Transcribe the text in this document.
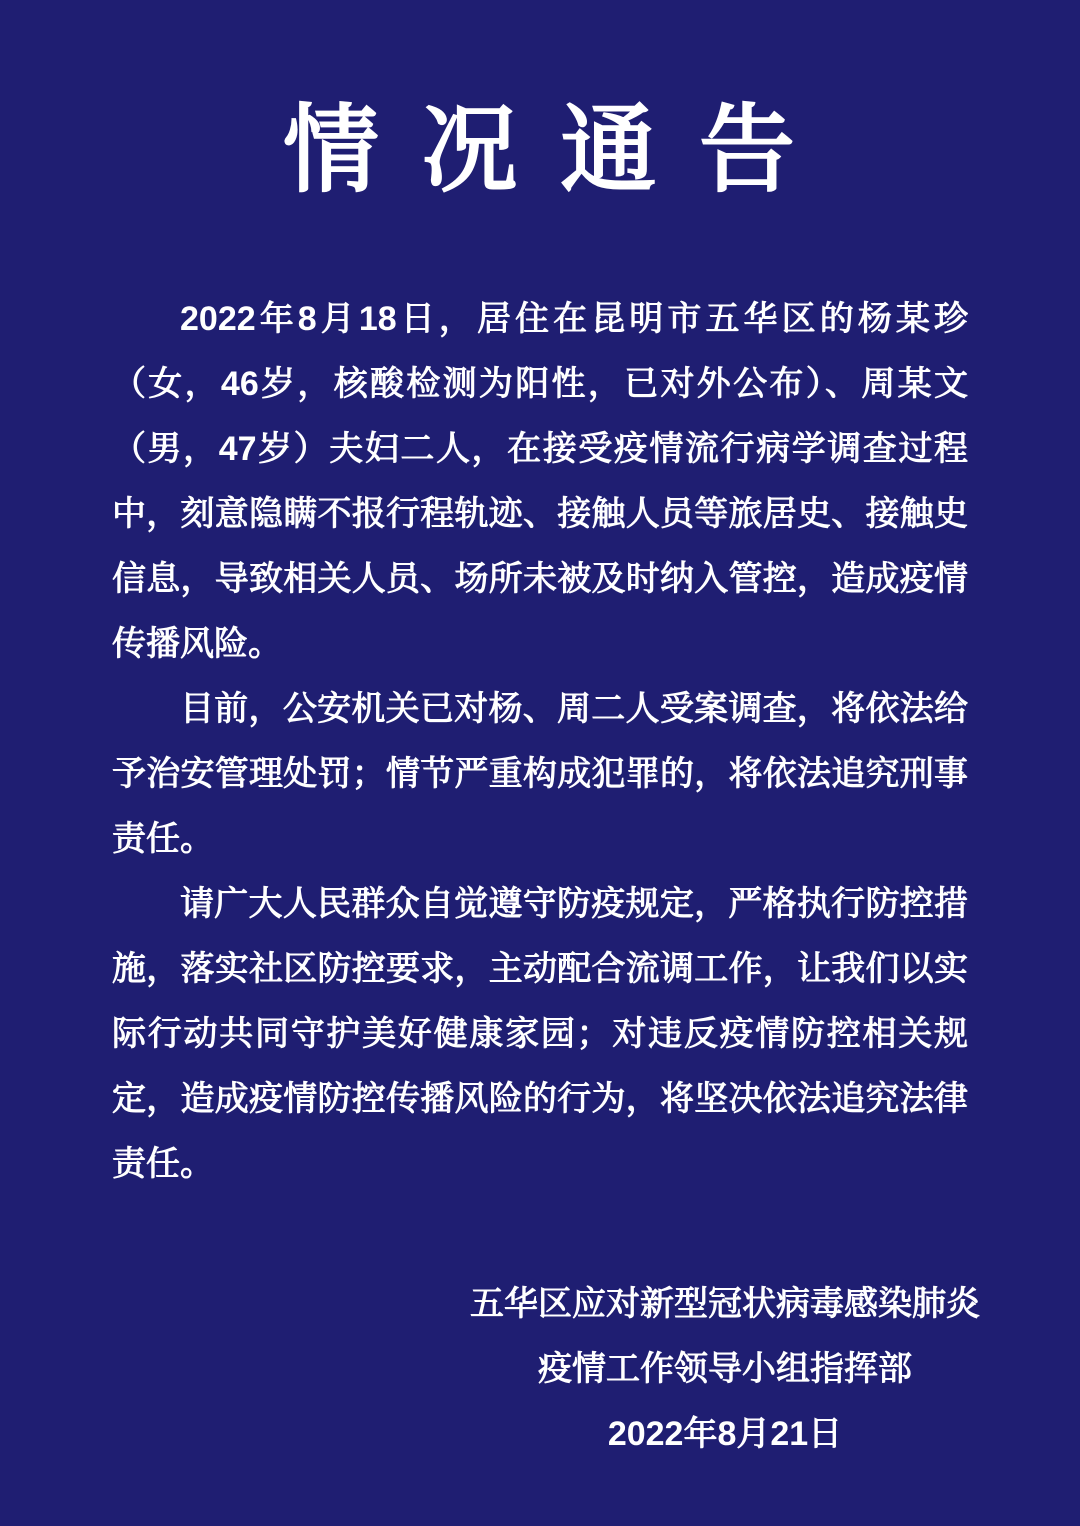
情 况 通 告
2022年8月18日，居住在昆明市五华区的杨某珍
（女，46岁，核酸检测为阳性，已对外公布）、周某文
（男，47岁）夫妇二人，在接受疫情流行病学调查过程
中，刻意隐瞒不报行程轨迹、接触人员等旅居史、接触史
信息，导致相关人员、场所未被及时纳入管控，造成疫情
传播风险。
目前，公安机关已对杨、周二人受案调查，将依法给
予治安管理处罚；情节严重构成犯罪的，将依法追究刑事
责任。
请广大人民群众自觉遵守防疫规定，严格执行防控措
施，落实社区防控要求，主动配合流调工作，让我们以实
际行动共同守护美好健康家园；对违反疫情防控相关规
定，造成疫情防控传播风险的行为，将坚决依法追究法律
责任。
五华区应对新型冠状病毒感染肺炎
疫情工作领导小组指挥部
2022年8月21日
